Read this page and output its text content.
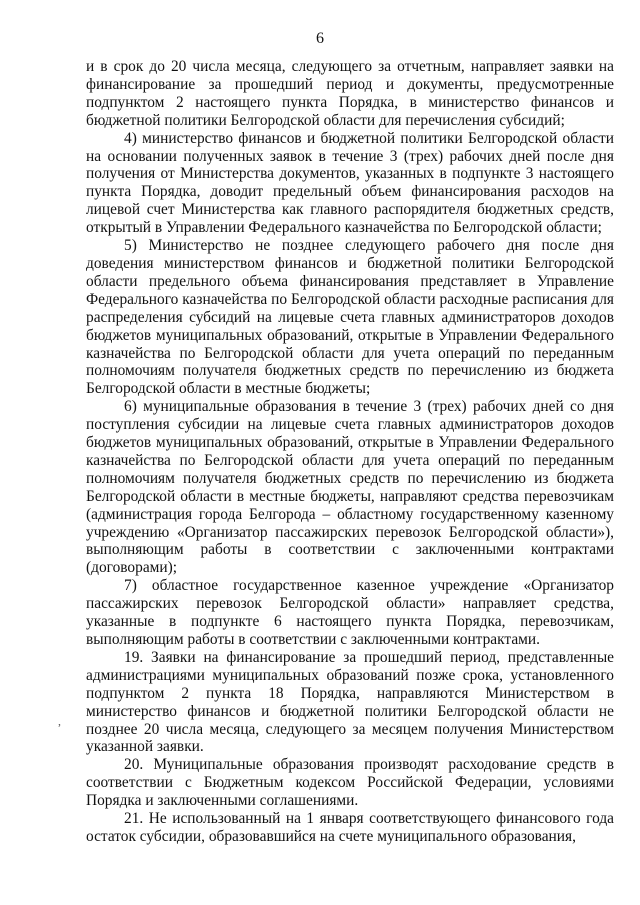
6

и в срок до 20 числа месяца, следующего за отчетным, направляет заявки на финансирование за прошедший период и документы, предусмотренные подпунктом 2 настоящего пункта Порядка, в министерство финансов и бюджетной политики Белгородской области для перечисления субсидий;

4) министерство финансов и бюджетной политики Белгородской области на основании полученных заявок в течение 3 (трех) рабочих дней после дня получения от Министерства документов, указанных в подпункте 3 настоящего пункта Порядка, доводит предельный объем финансирования расходов на лицевой счет Министерства как главного распорядителя бюджетных средств, открытый в Управлении Федерального казначейства по Белгородской области;

5) Министерство не позднее следующего рабочего дня после дня доведения министерством финансов и бюджетной политики Белгородской области предельного объема финансирования представляет в Управление Федерального казначейства по Белгородской области расходные расписания для распределения субсидий на лицевые счета главных администраторов доходов бюджетов муниципальных образований, открытые в Управлении Федерального казначейства по Белгородской области для учета операций по переданным полномочиям получателя бюджетных средств по перечислению из бюджета Белгородской области в местные бюджеты;

6) муниципальные образования в течение 3 (трех) рабочих дней со дня поступления субсидии на лицевые счета главных администраторов доходов бюджетов муниципальных образований, открытые в Управлении Федерального казначейства по Белгородской области для учета операций по переданным полномочиям получателя бюджетных средств по перечислению из бюджета Белгородской области в местные бюджеты, направляют средства перевозчикам (администрация города Белгорода – областному государственному казенному учреждению «Организатор пассажирских перевозок Белгородской области»), выполняющим работы в соответствии с заключенными контрактами (договорами);

7) областное государственное казенное учреждение «Организатор пассажирских перевозок Белгородской области» направляет средства, указанные в подпункте 6 настоящего пункта Порядка, перевозчикам, выполняющим работы в соответствии с заключенными контрактами.

19. Заявки на финансирование за прошедший период, представленные администрациями муниципальных образований позже срока, установленного подпунктом 2 пункта 18 Порядка, направляются Министерством в министерство финансов и бюджетной политики Белгородской области не позднее 20 числа месяца, следующего за месяцем получения Министерством указанной заявки.

20. Муниципальные образования производят расходование средств в соответствии с Бюджетным кодексом Российской Федерации, условиями Порядка и заключенными соглашениями.

21. Не использованный на 1 января соответствующего финансового года остаток субсидии, образовавшийся на счете муниципального образования,

,
